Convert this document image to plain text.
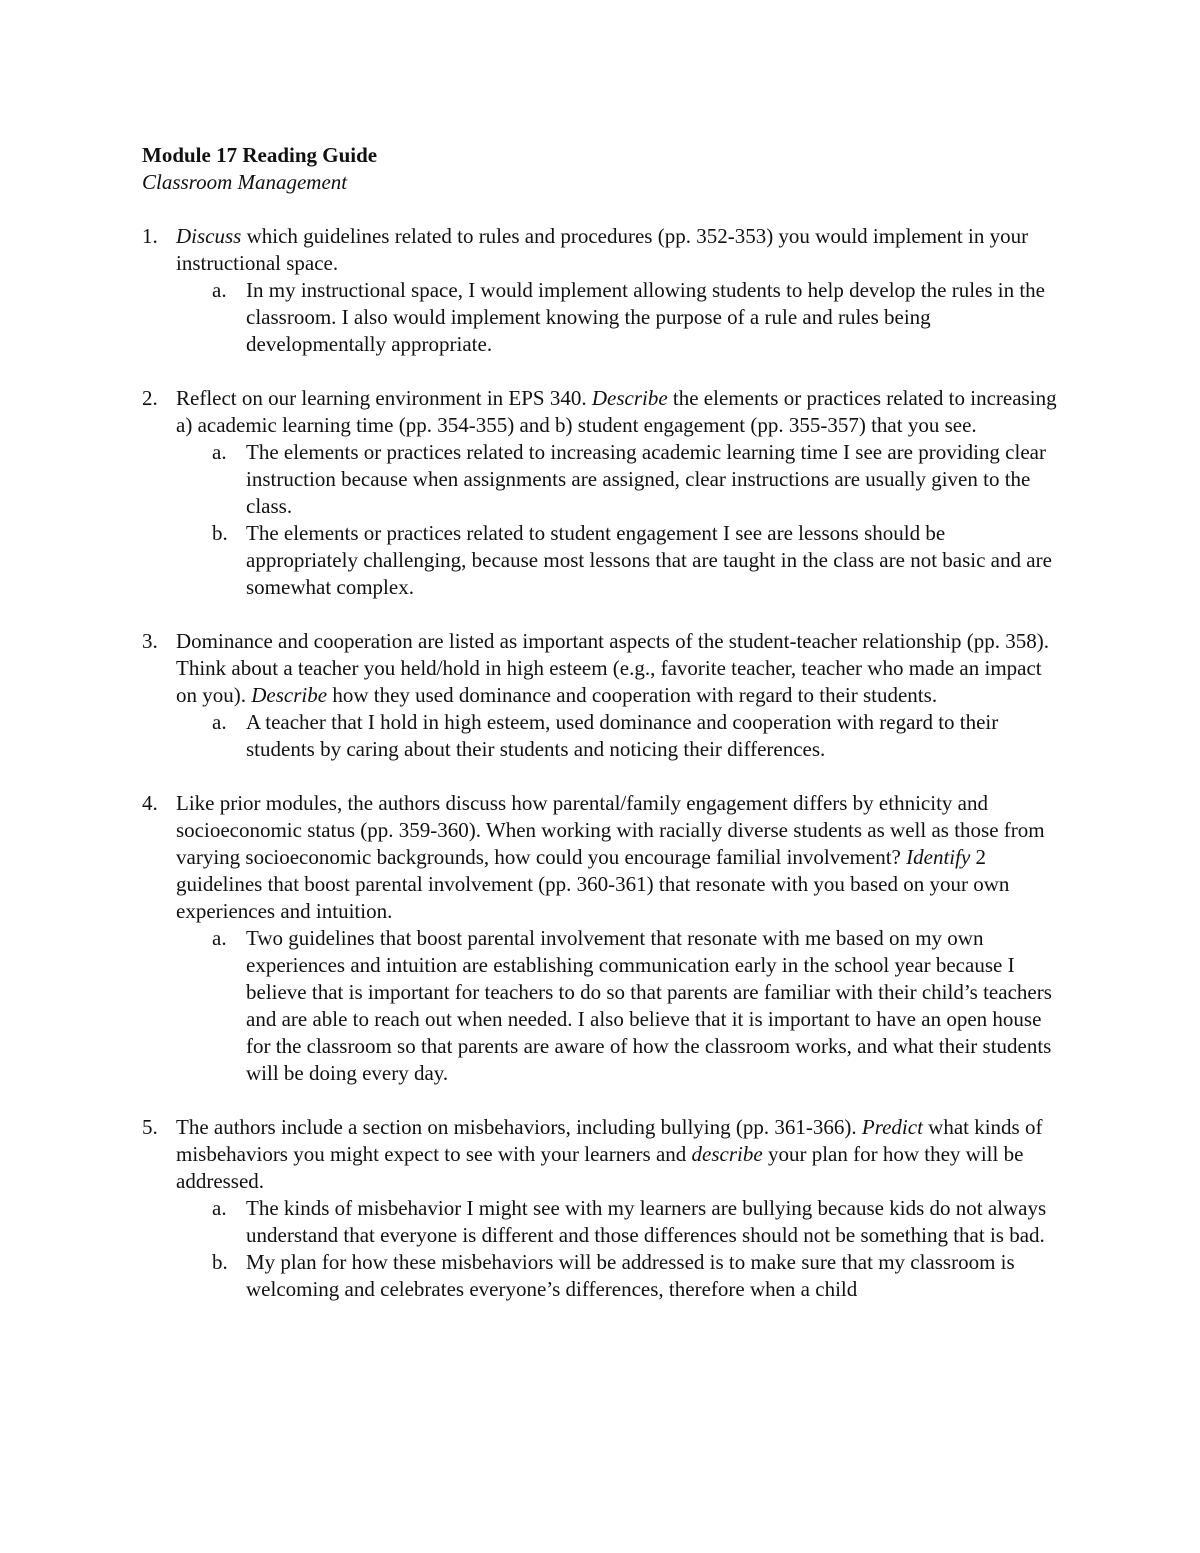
Module 17 Reading Guide
Classroom Management
1. Discuss which guidelines related to rules and procedures (pp. 352-353) you would implement in your instructional space.
a. In my instructional space, I would implement allowing students to help develop the rules in the classroom. I also would implement knowing the purpose of a rule and rules being developmentally appropriate.
2. Reflect on our learning environment in EPS 340. Describe the elements or practices related to increasing a) academic learning time (pp. 354-355) and b) student engagement (pp. 355-357) that you see.
a. The elements or practices related to increasing academic learning time I see are providing clear instruction because when assignments are assigned, clear instructions are usually given to the class.
b. The elements or practices related to student engagement I see are lessons should be appropriately challenging, because most lessons that are taught in the class are not basic and are somewhat complex.
3. Dominance and cooperation are listed as important aspects of the student-teacher relationship (pp. 358). Think about a teacher you held/hold in high esteem (e.g., favorite teacher, teacher who made an impact on you). Describe how they used dominance and cooperation with regard to their students.
a. A teacher that I hold in high esteem, used dominance and cooperation with regard to their students by caring about their students and noticing their differences.
4. Like prior modules, the authors discuss how parental/family engagement differs by ethnicity and socioeconomic status (pp. 359-360). When working with racially diverse students as well as those from varying socioeconomic backgrounds, how could you encourage familial involvement? Identify 2 guidelines that boost parental involvement (pp. 360-361) that resonate with you based on your own experiences and intuition.
a. Two guidelines that boost parental involvement that resonate with me based on my own experiences and intuition are establishing communication early in the school year because I believe that is important for teachers to do so that parents are familiar with their child’s teachers and are able to reach out when needed. I also believe that it is important to have an open house for the classroom so that parents are aware of how the classroom works, and what their students will be doing every day.
5. The authors include a section on misbehaviors, including bullying (pp. 361-366). Predict what kinds of misbehaviors you might expect to see with your learners and describe your plan for how they will be addressed.
a. The kinds of misbehavior I might see with my learners are bullying because kids do not always understand that everyone is different and those differences should not be something that is bad.
b. My plan for how these misbehaviors will be addressed is to make sure that my classroom is welcoming and celebrates everyone’s differences, therefore when a child
